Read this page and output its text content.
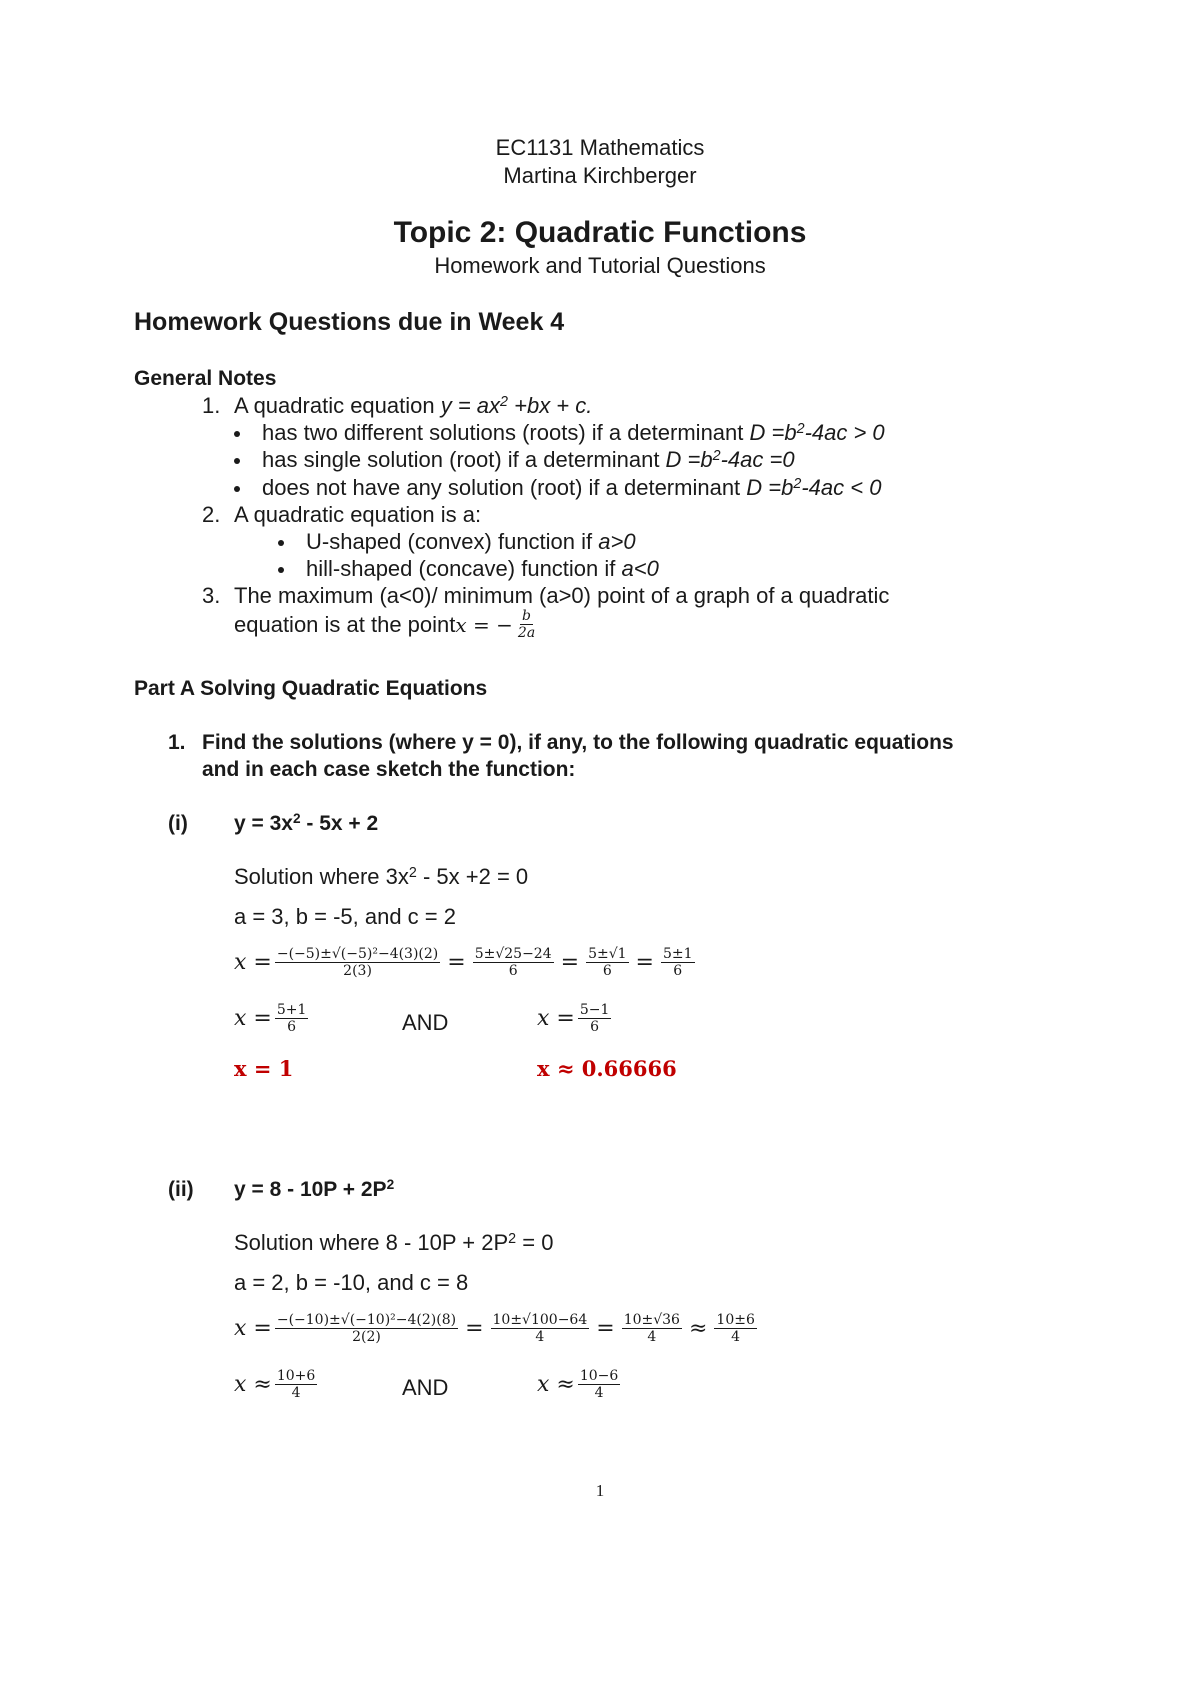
EC1131 Mathematics
Martina Kirchberger
Topic 2: Quadratic Functions
Homework and Tutorial Questions
Homework Questions due in Week 4
General Notes
1. A quadratic equation $y = ax^2 +bx + c$.
has two different solutions (roots) if a determinant $D =b^2-4ac > 0$
has single solution (root) if a determinant $D =b^2-4ac =0$
does not have any solution (root) if a determinant $D =b^2-4ac < 0$
2. A quadratic equation is a:
U-shaped (convex) function if a>0
hill-shaped (concave) function if a<0
3. The maximum (a<0)/ minimum (a>0) point of a graph of a quadratic
equation is at the point x = − $\frac{b}{2a}$
Part A Solving Quadratic Equations
1. Find the solutions (where y = 0), if any, to the following quadratic equations
and in each case sketch the function:
(i) $y = 3x^2 - 5x + 2$
Solution where $3x^2 - 5x +2 = 0$
a = 3, b = -5, and c = 2
$x = \frac{\text{−(−5)±√(−5)²−4(3)(2)}}{2(3)} = \frac{5\pm√25-24}{6} = \frac{5\pm√1}{6} = \frac{5\pm 1}{6}$
$x = \frac{5+1}{6}$	AND	$x = \frac{5-1}{6}$
x = 1	x ≈ 0.66666
(ii) $y = 8 - 10P + 2P^2$
Solution where $8 - 10P + 2P^2 = 0$
a = 2, b = -10, and c = 8
$x = \frac{\text{−(−10)±√(−10)²−4(2)(8)}}{2(2)} = \frac{10\pm√100-64}{4} = \frac{10\pm√36}{4} \approx \frac{10\pm 6}{4}$
$x \approx \frac{10+6}{4}$	AND	$x \approx \frac{10-6}{4}$
1
